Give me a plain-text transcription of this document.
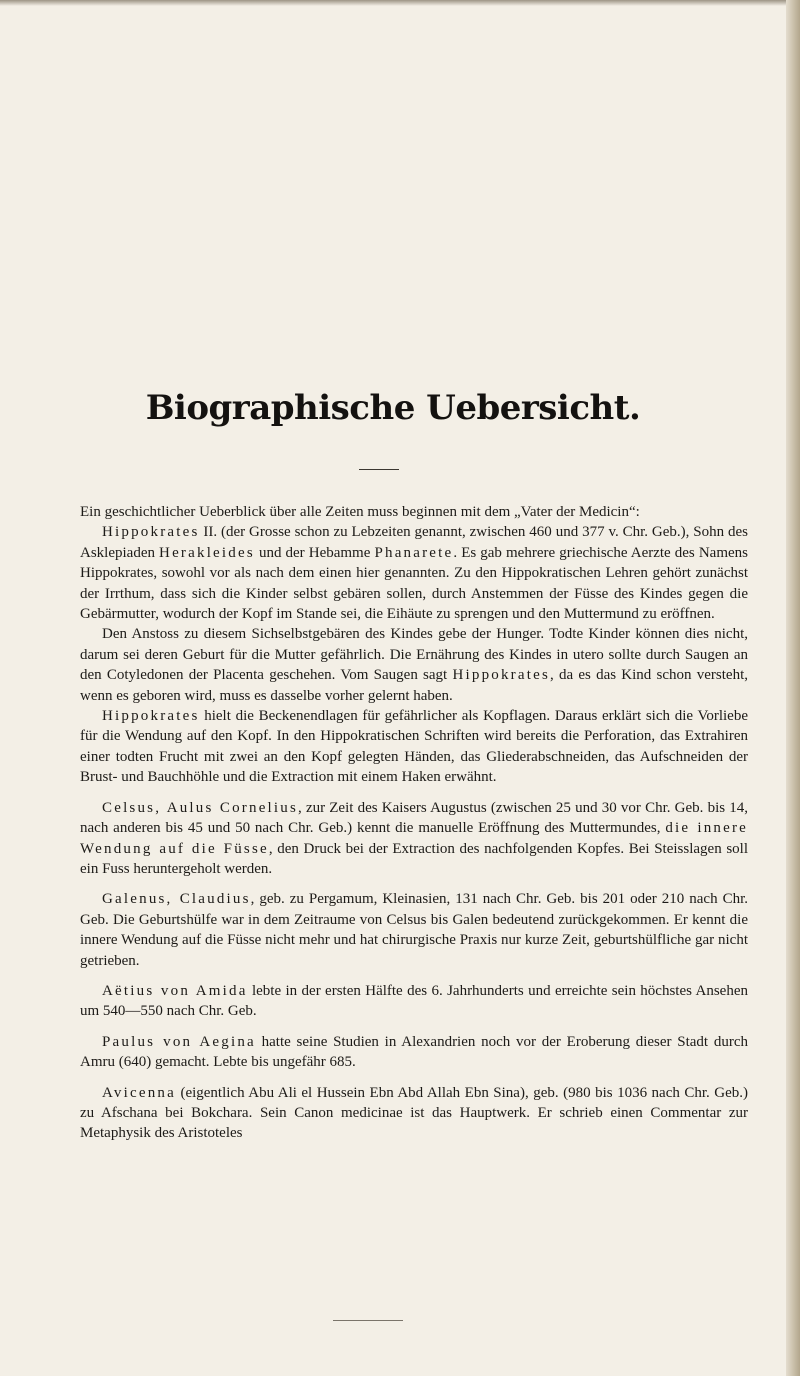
Biographische Uebersicht.

Ein geschichtlicher Ueberblick über alle Zeiten muss beginnen mit dem „Vater der Medicin“:

Hippokrates II. (der Grosse schon zu Lebzeiten genannt, zwischen 460 und 377 v. Chr. Geb.), Sohn des Asklepiaden Herakleides und der Hebamme Phanarete. Es gab mehrere griechische Aerzte des Namens Hippokrates, sowohl vor als nach dem einen hier genannten. Zu den Hippokratischen Lehren gehört zunächst der Irrthum, dass sich die Kinder selbst gebären sollen, durch Anstemmen der Füsse des Kindes gegen die Gebärmutter, wodurch der Kopf im Stande sei, die Eihäute zu sprengen und den Muttermund zu eröffnen.

Den Anstoss zu diesem Sichselbstgebären des Kindes gebe der Hunger. Todte Kinder können dies nicht, darum sei deren Geburt für die Mutter gefährlich. Die Ernährung des Kindes in utero sollte durch Saugen an den Cotyledonen der Placenta geschehen. Vom Saugen sagt Hippokrates, da es das Kind schon versteht, wenn es geboren wird, muss es dasselbe vorher gelernt haben.

Hippokrates hielt die Beckenendlagen für gefährlicher als Kopflagen. Daraus erklärt sich die Vorliebe für die Wendung auf den Kopf. In den Hippokratischen Schriften wird bereits die Perforation, das Extrahiren einer todten Frucht mit zwei an den Kopf gelegten Händen, das Gliederabschneiden, das Aufschneiden der Brust- und Bauchhöhle und die Extraction mit einem Haken erwähnt.

Celsus, Aulus Cornelius, zur Zeit des Kaisers Augustus (zwischen 25 und 30 vor Chr. Geb. bis 14, nach anderen bis 45 und 50 nach Chr. Geb.) kennt die manuelle Eröffnung des Muttermundes, die innere Wendung auf die Füsse, den Druck bei der Extraction des nachfolgenden Kopfes. Bei Steisslagen soll ein Fuss heruntergeholt werden.

Galenus, Claudius, geb. zu Pergamum, Kleinasien, 131 nach Chr. Geb. bis 201 oder 210 nach Chr. Geb. Die Geburtshülfe war in dem Zeitraume von Celsus bis Galen bedeutend zurückgekommen. Er kennt die innere Wendung auf die Füsse nicht mehr und hat chirurgische Praxis nur kurze Zeit, geburtshülfliche gar nicht getrieben.

Aëtius von Amida lebte in der ersten Hälfte des 6. Jahrhunderts und erreichte sein höchstes Ansehen um 540—550 nach Chr. Geb.

Paulus von Aegina hatte seine Studien in Alexandrien noch vor der Eroberung dieser Stadt durch Amru (640) gemacht. Lebte bis ungefähr 685.

Avicenna (eigentlich Abu Ali el Hussein Ebn Abd Allah Ebn Sina), geb. (980 bis 1036 nach Chr. Geb.) zu Afschana bei Bokchara. Sein Canon medicinae ist das Hauptwerk. Er schrieb einen Commentar zur Metaphysik des Aristoteles
